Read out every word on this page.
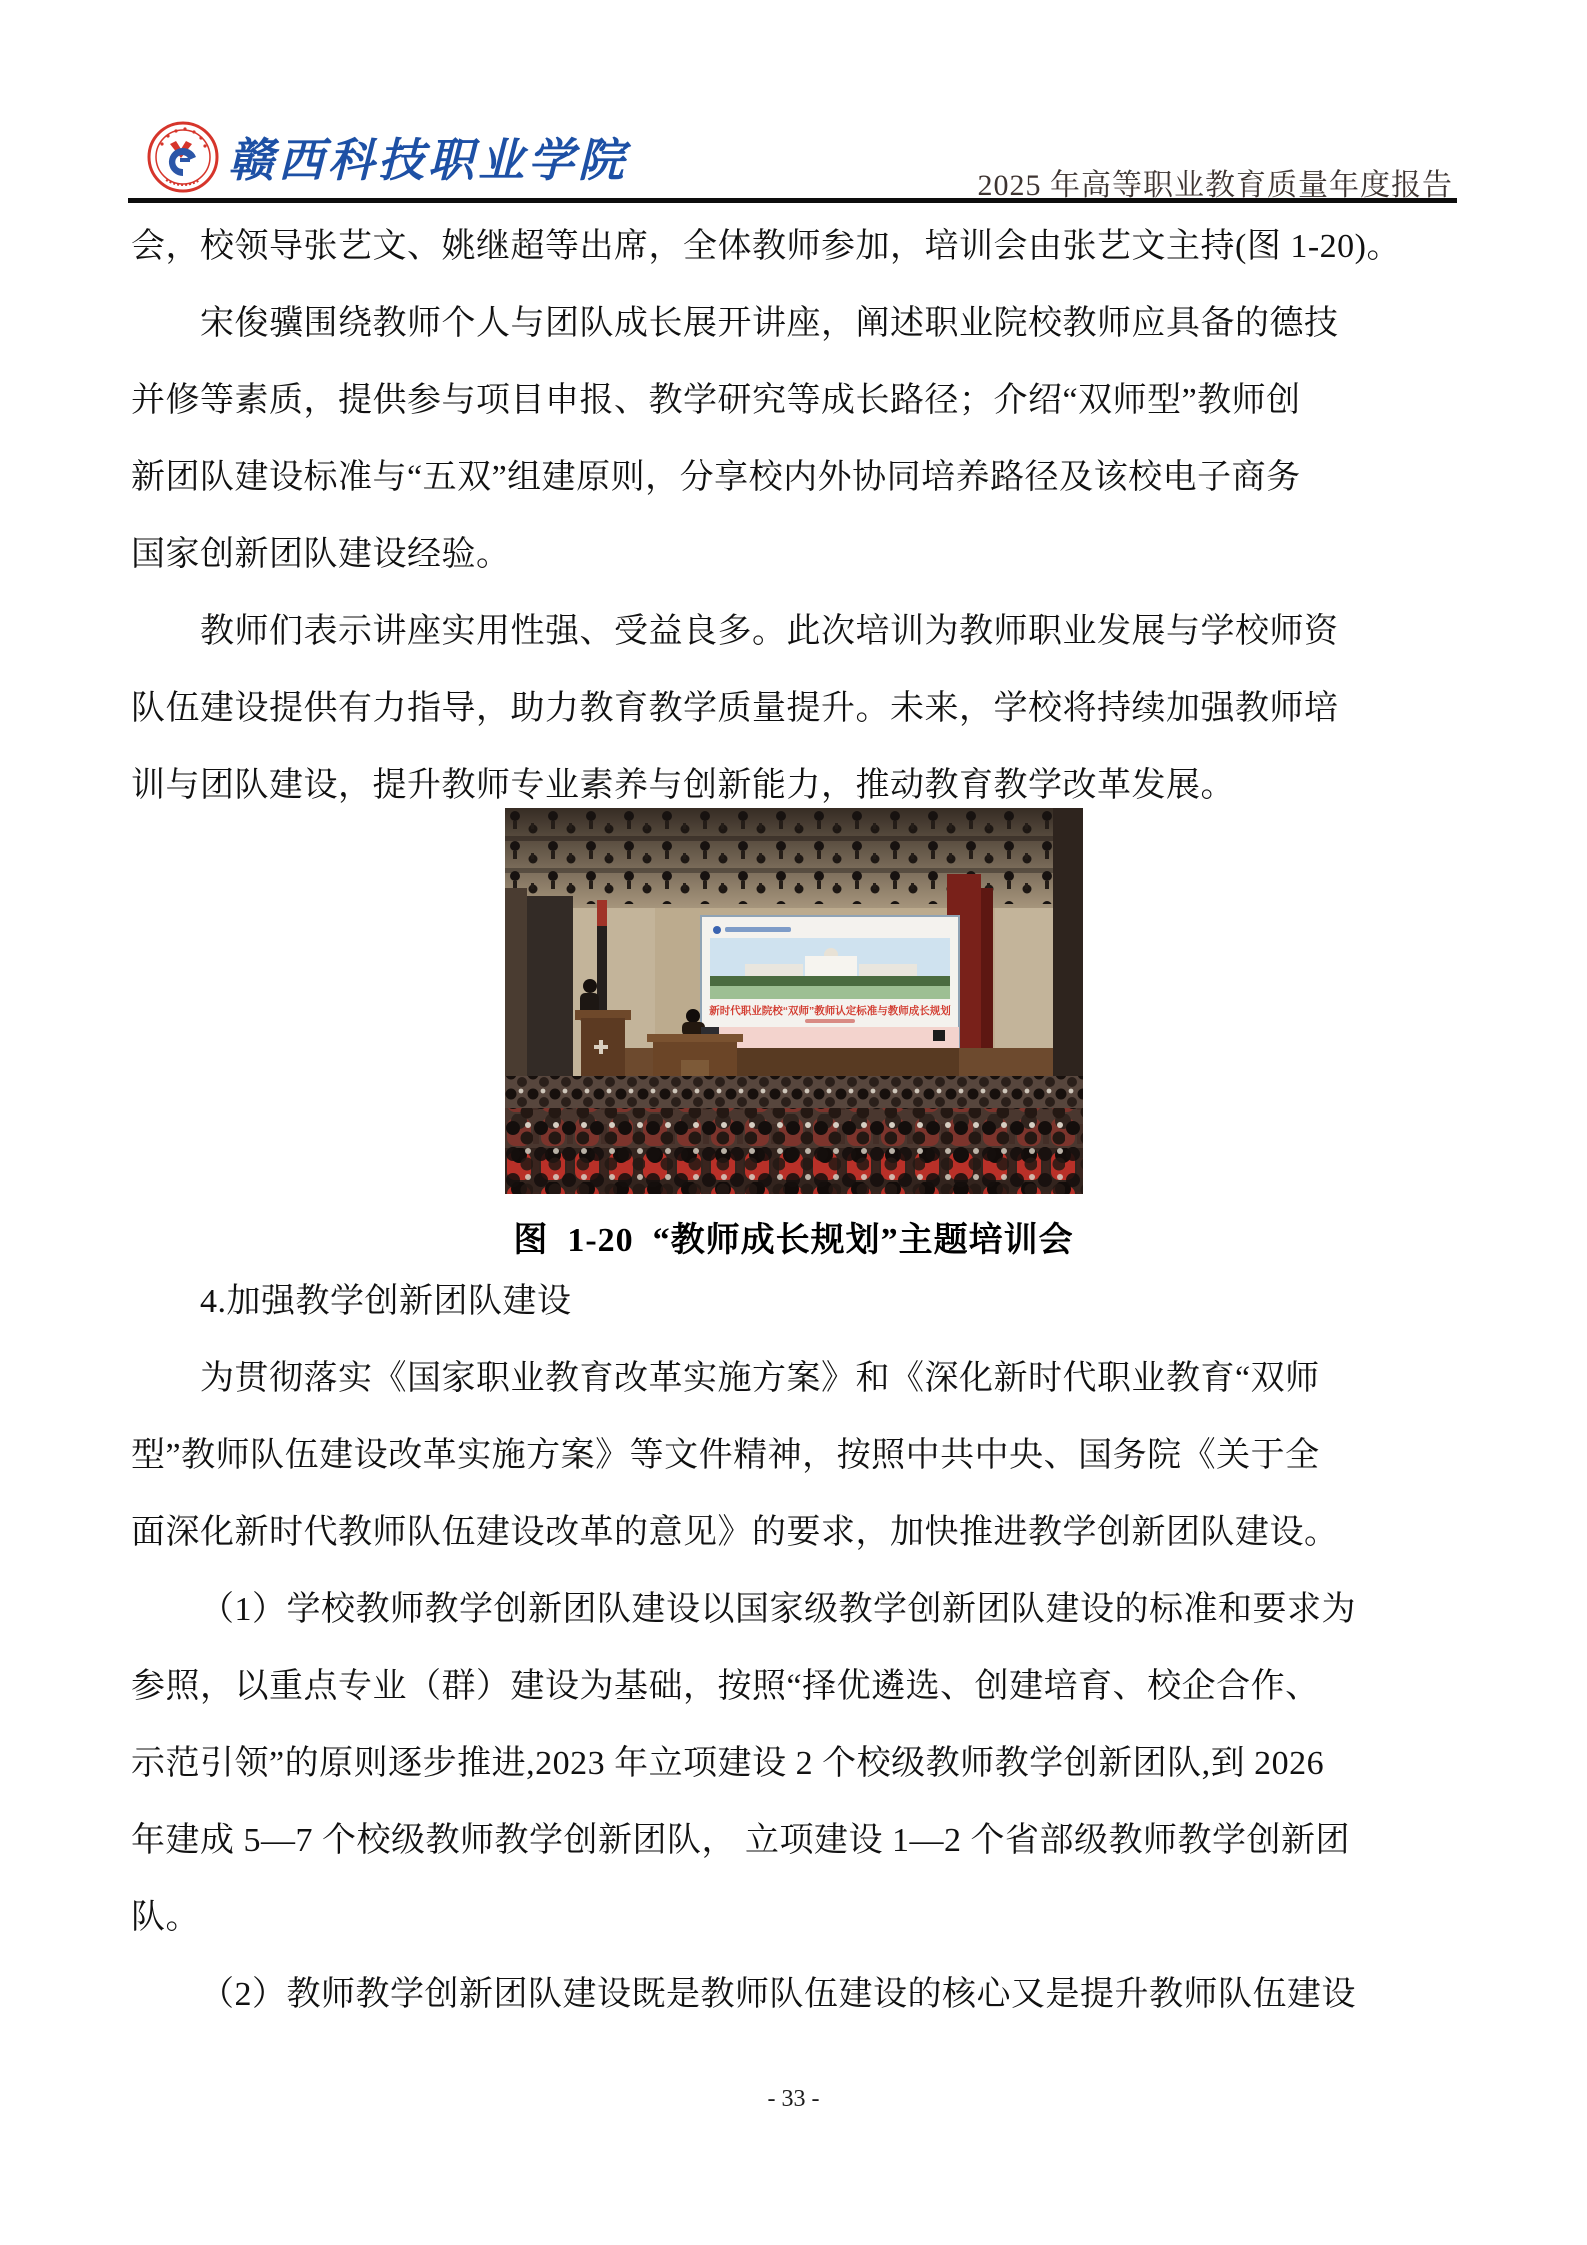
赣西科技职业学院	2025 年高等职业教育质量年度报告
会，校领导张艺文、姚继超等出席，全体教师参加，培训会由张艺文主持(图 1-20)。
宋俊骥围绕教师个人与团队成长展开讲座，阐述职业院校教师应具备的德技
并修等素质，提供参与项目申报、教学研究等成长路径；介绍“双师型”教师创
新团队建设标准与“五双”组建原则，分享校内外协同培养路径及该校电子商务
国家创新团队建设经验。
教师们表示讲座实用性强、受益良多。此次培训为教师职业发展与学校师资
队伍建设提供有力指导，助力教育教学质量提升。未来，学校将持续加强教师培
训与团队建设，提升教师专业素养与创新能力，推动教育教学改革发展。
新时代职业院校“双师”教师认定标准与教师成长规划
图  1-20  “教师成长规划”主题培训会
4.加强教学创新团队建设
为贯彻落实《国家职业教育改革实施方案》和《深化新时代职业教育“双师
型”教师队伍建设改革实施方案》等文件精神，按照中共中央、国务院《关于全
面深化新时代教师队伍建设改革的意见》的要求，加快推进教学创新团队建设。
（1）学校教师教学创新团队建设以国家级教学创新团队建设的标准和要求为
参照，以重点专业（群）建设为基础，按照“择优遴选、创建培育、校企合作、
示范引领”的原则逐步推进,2023 年立项建设 2 个校级教师教学创新团队,到 2026
年建成 5—7 个校级教师教学创新团队， 立项建设 1—2 个省部级教师教学创新团
队。
（2）教师教学创新团队建设既是教师队伍建设的核心又是提升教师队伍建设
- 33 -
